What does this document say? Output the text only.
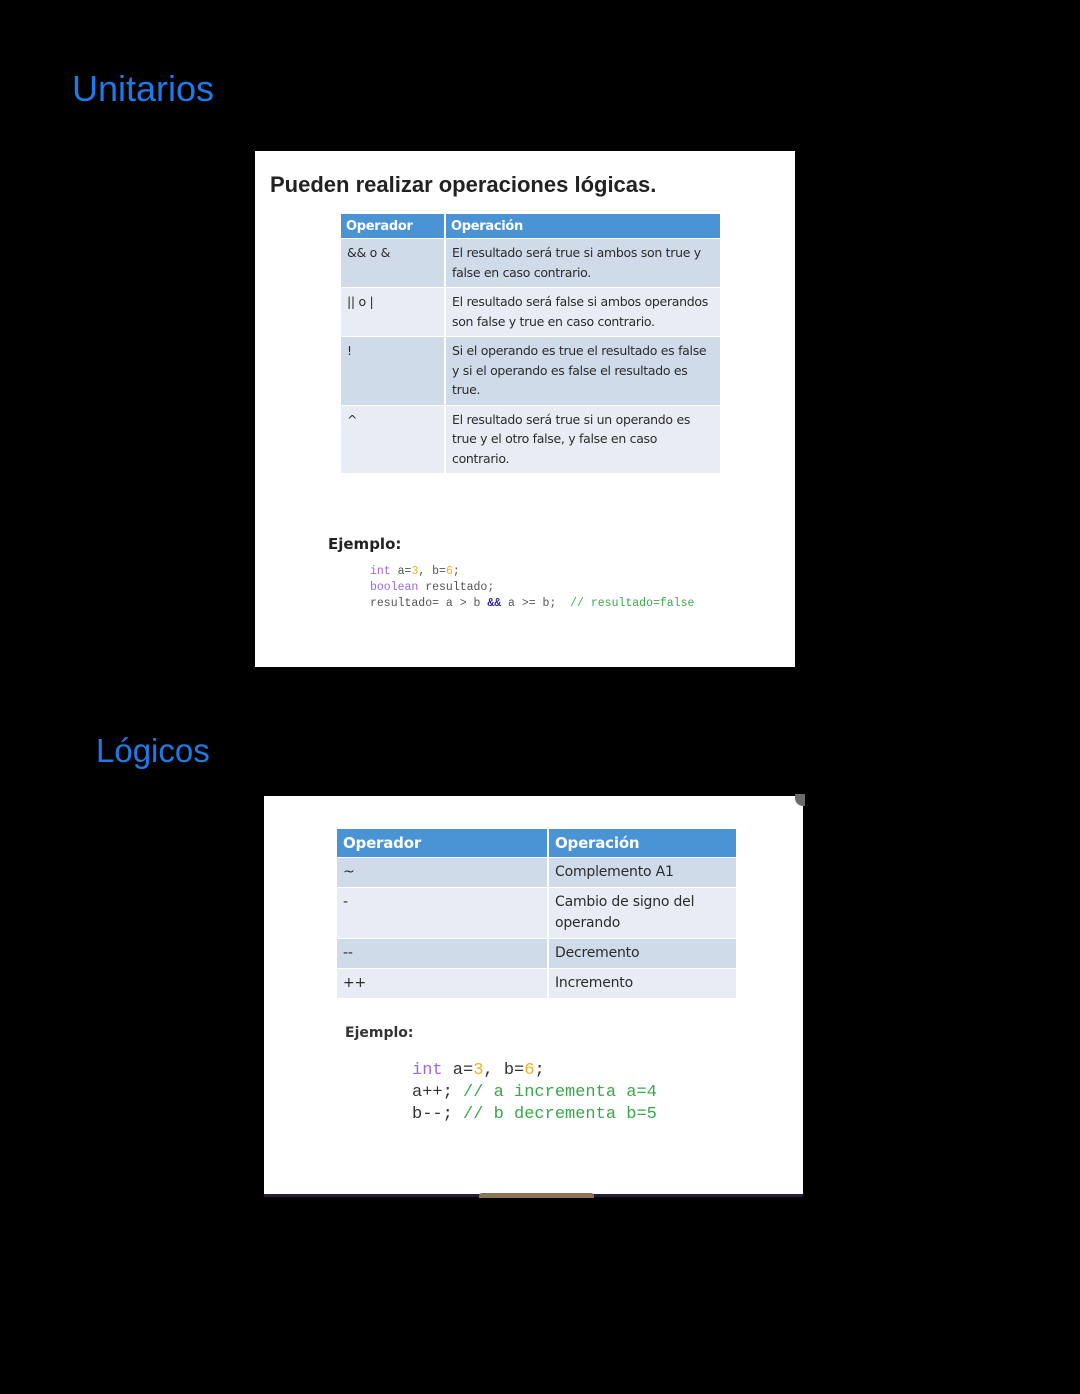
Unitarios
Pueden realizar operaciones lógicas.
Operador	Operación
&& o &	El resultado será true si ambos son true y false en caso contrario.
|| o |	El resultado será false si ambos operandos son false y true en caso contrario.
!	Si el operando es true el resultado es false y si el operando es false el resultado es true.
^	El resultado será true si un operando es true y el otro false, y false en caso contrario.

Ejemplo:

int a=3, b=6;
boolean resultado;
resultado= a > b && a >= b;  // resultado=false
Lógicos
Operador	Operación
~	Complemento A1
-	Cambio de signo del operando
--	Decremento
++	Incremento

Ejemplo:

int a=3, b=6;
a++; // a incrementa a=4
b--; // b decrementa b=5
